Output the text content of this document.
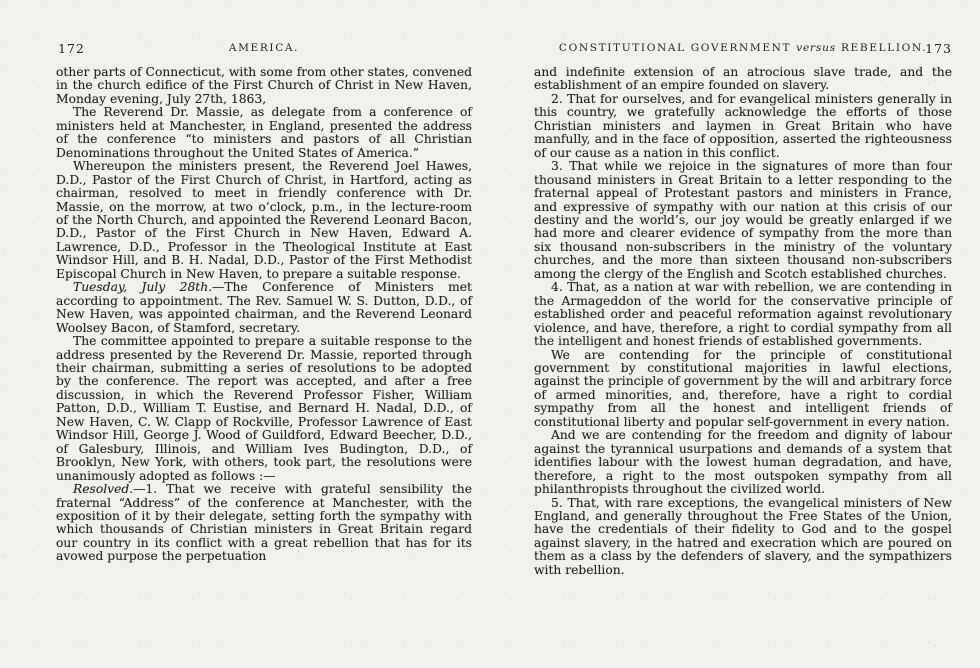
172	AMERICA.

other parts of Connecticut, with some from other states, convened in the church edifice of the First Church of Christ in New Haven, Monday evening, July 27th, 1863,

The Reverend Dr. Massie, as delegate from a conference of ministers held at Manchester, in England, presented the address of the conference “to ministers and pastors of all Christian Denominations throughout the United States of America.”

Whereupon the ministers present, the Reverend Joel Hawes, D.D., Pastor of the First Church of Christ, in Hartford, acting as chairman, resolved to meet in friendly conference with Dr. Massie, on the morrow, at two o’clock, p.m., in the lecture-room of the North Church, and appointed the Reverend Leonard Bacon, D.D., Pastor of the First Church in New Haven, Edward A. Lawrence, D.D., Professor in the Theological Institute at East Windsor Hill, and B. H. Nadal, D.D., Pastor of the First Methodist Episcopal Church in New Haven, to prepare a suitable response.

Tuesday, July 28th.—The Conference of Ministers met according to appointment. The Rev. Samuel W. S. Dutton, D.D., of New Haven, was appointed chairman, and the Reverend Leonard Woolsey Bacon, of Stamford, secretary.

The committee appointed to prepare a suitable response to the address presented by the Reverend Dr. Massie, reported through their chairman, submitting a series of resolutions to be adopted by the conference. The report was accepted, and after a free discussion, in which the Reverend Professor Fisher, William Patton, D.D., William T. Eustise, and Bernard H. Nadal, D.D., of New Haven, C. W. Clapp of Rockville, Professor Lawrence of East Windsor Hill, George J. Wood of Guildford, Edward Beecher, D.D., of Galesbury, Illinois, and William Ives Budington, D.D., of Brooklyn, New York, with others, took part, the resolutions were unanimously adopted as follows :—

Resolved.—1. That we receive with grateful sensibility the fraternal “Address” of the conference at Manchester, with the exposition of it by their delegate, setting forth the sympathy with which thousands of Christian ministers in Great Britain regard our country in its conflict with a great rebellion that has for its avowed purpose the perpetuation

CONSTITUTIONAL GOVERNMENT versus REBELLION.
173

and indefinite extension of an atrocious slave trade, and the establishment of an empire founded on slavery.

2. That for ourselves, and for evangelical ministers generally in this country, we gratefully acknowledge the efforts of those Christian ministers and laymen in Great Britain who have manfully, and in the face of opposition, asserted the righteousness of our cause as a nation in this conflict.

3. That while we rejoice in the signatures of more than four thousand ministers in Great Britain to a letter responding to the fraternal appeal of Protestant pastors and ministers in France, and expressive of sympathy with our nation at this crisis of our destiny and the world’s, our joy would be greatly enlarged if we had more and clearer evidence of sympathy from the more than six thousand non-subscribers in the ministry of the voluntary churches, and the more than sixteen thousand non-subscribers among the clergy of the English and Scotch established churches.

4. That, as a nation at war with rebellion, we are contending in the Armageddon of the world for the conservative principle of established order and peaceful reformation against revolutionary violence, and have, therefore, a right to cordial sympathy from all the intelligent and honest friends of established governments.

We are contending for the principle of constitutional government by constitutional majorities in lawful elections, against the principle of government by the will and arbitrary force of armed minorities, and, therefore, have a right to cordial sympathy from all the honest and intelligent friends of constitutional liberty and popular self-government in every nation.

And we are contending for the freedom and dignity of labour against the tyrannical usurpations and demands of a system that identifies labour with the lowest human degradation, and have, therefore, a right to the most outspoken sympathy from all philanthropists throughout the civilized world.

5. That, with rare exceptions, the evangelical ministers of New England, and generally throughout the Free States of the Union, have the credentials of their fidelity to God and to the gospel against slavery, in the hatred and execration which are poured on them as a class by the defenders of slavery, and the sympathizers with rebellion.
